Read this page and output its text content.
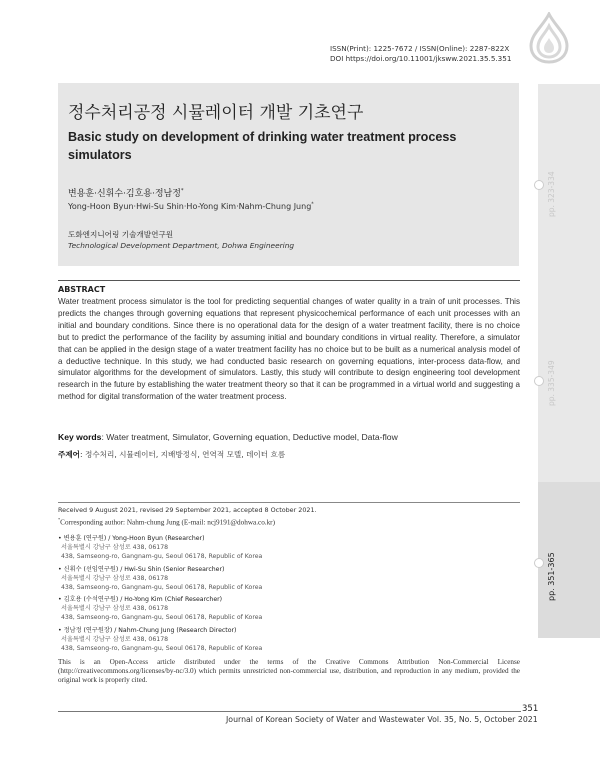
ISSN(Print): 1225-7672 / ISSN(Online): 2287-822X
DOI https://doi.org/10.11001/jksww.2021.35.5.351
정수처리공정 시뮬레이터 개발 기초연구
Basic study on development of drinking water treatment process simulators
변용훈·신휘수·김호용·정남정*
Yong-Hoon Byun·Hwi-Su Shin·Ho-Yong Kim·Nahm-Chung Jung*
도화엔지니어링 기술개발연구원
Technological Development Department, Dohwa Engineering
ABSTRACT

Water treatment process simulator is the tool for predicting sequential changes of water quality in a train of unit processes. This predicts the changes through governing equations that represent physicochemical performance of each unit processes with an initial and boundary conditions. Since there is no operational data for the design of a water treatment facility, there is no choice but to predict the performance of the facility by assuming initial and boundary conditions in virtual reality. Therefore, a simulator that can be applied in the design stage of a water treatment facility has no choice but to be built as a numerical analysis model of a deductive technique. In this study, we had conducted basic research on governing equations, inter-process data-flow, and simulator algorithms for the development of simulators. Lastly, this study will contribute to design engineering tool development research in the future by establishing the water treatment theory so that it can be programmed in a virtual world and suggesting a method for digital transformation of the water treatment process.

Key words: Water treatment, Simulator, Governing equation, Deductive model, Data-flow
주제어: 정수처리, 시뮬레이터, 지배방정식, 연역적 모델, 데이터 흐름
pp. 323-334
pp. 335-349
pp. 351-365
Received 9 August 2021, revised 29 September 2021, accepted 8 October 2021.
*Corresponding author: Nahm-chung Jung (E-mail: ncj9191@dohwa.co.kr)
• 변용훈 (연구원) / Yong-Hoon Byun (Researcher)
서울특별시 강남구 삼성로 438, 06178
438, Samseong-ro, Gangnam-gu, Seoul 06178, Republic of Korea
• 신휘수 (선임연구원) / Hwi-Su Shin (Senior Researcher)
서울특별시 강남구 삼성로 438, 06178
438, Samseong-ro, Gangnam-gu, Seoul 06178, Republic of Korea
• 김호용 (수석연구원) / Ho-Yong Kim (Chief Researcher)
서울특별시 강남구 삼성로 438, 06178
438, Samseong-ro, Gangnam-gu, Seoul 06178, Republic of Korea
• 정남정 (연구원장) / Nahm-Chung Jung (Research Director)
서울특별시 강남구 삼성로 438, 06178
438, Samseong-ro, Gangnam-gu, Seoul 06178, Republic of Korea

This is an Open-Access article distributed under the terms of the Creative Commons Attribution Non-Commercial License (http://creativecommons.org/licenses/by-nc/3.0) which permits unrestricted non-commercial use, distribution, and reproduction in any medium, provided the original work is properly cited.

351
Journal of Korean Society of Water and Wastewater Vol. 35, No. 5, October 2021
